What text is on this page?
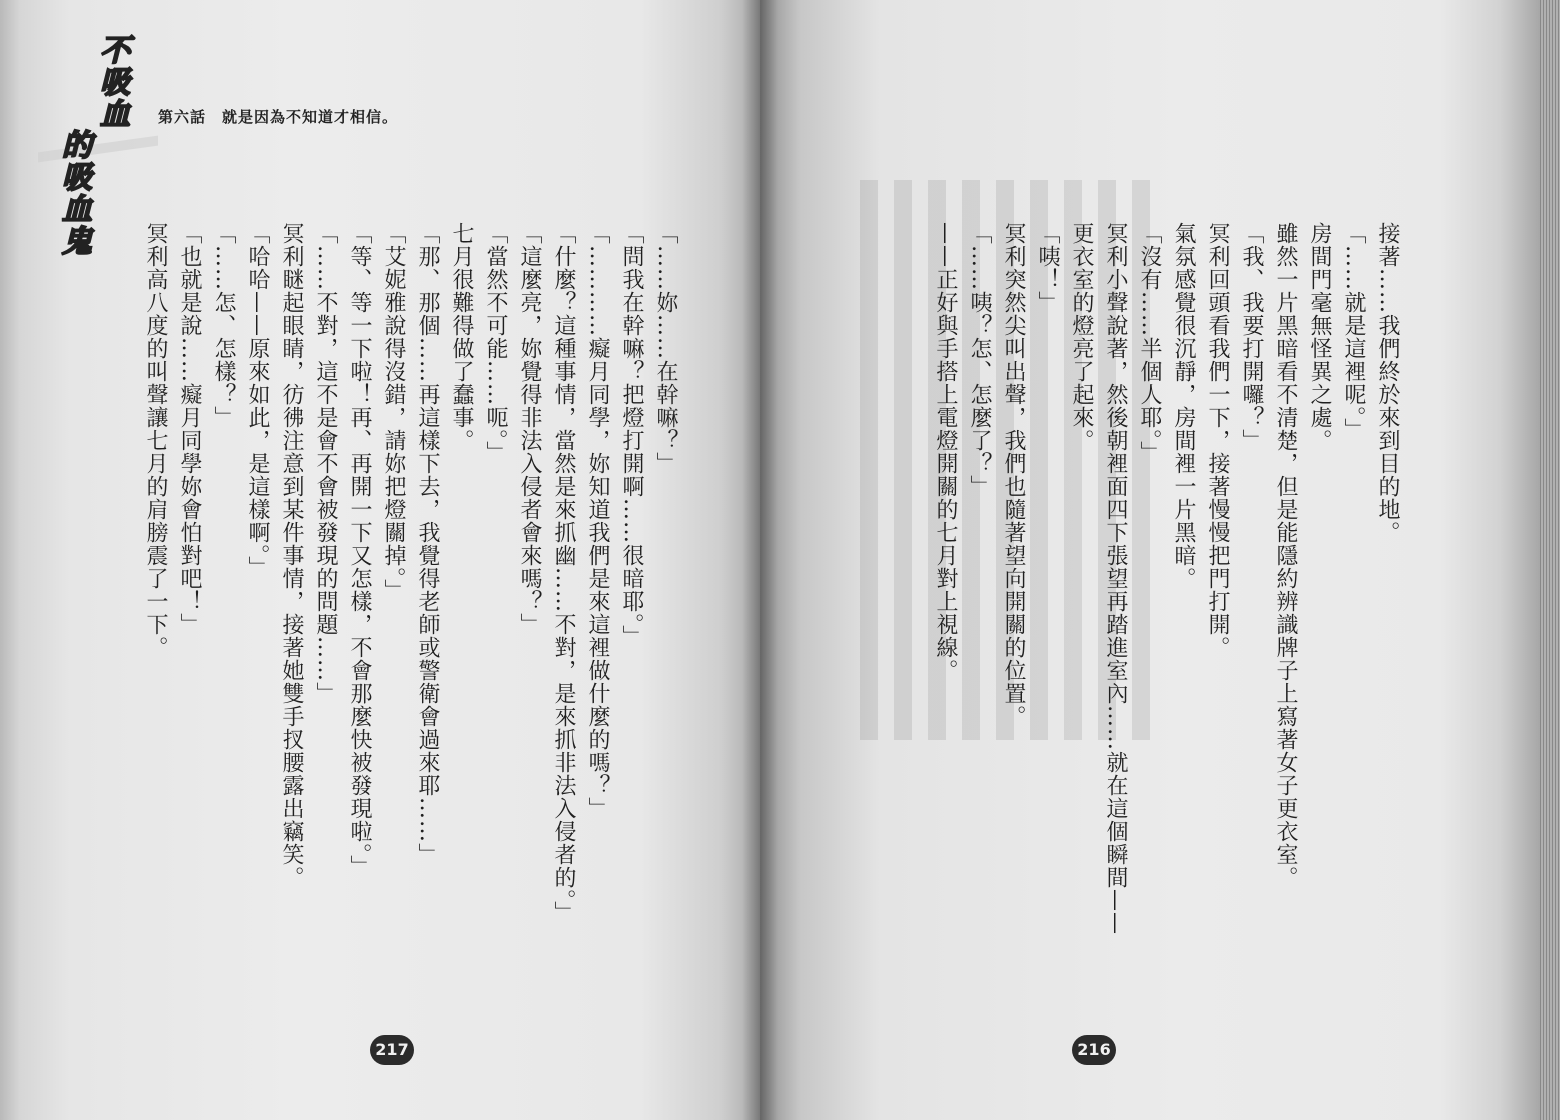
不吸血
的吸血鬼
第六話　就是因為不知道才相信。
「……妳……在幹嘛？」
「問我在幹嘛？把燈打開啊……很暗耶。」
「…………癡月同學，妳知道我們是來這裡做什麼的嗎？」
「什麼？這種事情，當然是來抓幽……不對，是來抓非法入侵者的。」
「這麼亮，妳覺得非法入侵者會來嗎？」
「當然不可能……呃。」
七月很難得做了蠢事。
「那、那個……再這樣下去，我覺得老師或警衛會過來耶……」
「艾妮雅說得沒錯，請妳把燈關掉。」
「等、等一下啦！再、再開一下又怎樣，不會那麼快被發現啦。」
「……不對，這不是會不會被發現的問題……」
冥利瞇起眼睛，彷彿注意到某件事情，接著她雙手扠腰露出竊笑。
「哈哈——原來如此，是這樣啊。」
「……怎、怎樣？」
「也就是說……癡月同學妳會怕對吧！」
冥利高八度的叫聲讓七月的肩膀震了一下。
217
接著……我們終於來到目的地。
「……就是這裡呢。」
房間門毫無怪異之處。
雖然一片黑暗看不清楚，但是能隱約辨識牌子上寫著女子更衣室。
「我、我要打開囉？」
冥利回頭看我們一下，接著慢慢把門打開。
氣氛感覺很沉靜，房間裡一片黑暗。
「沒有……半個人耶。」
冥利小聲說著，然後朝裡面四下張望再踏進室內……就在這個瞬間——
更衣室的燈亮了起來。
「咦！」
冥利突然尖叫出聲，我們也隨著望向開關的位置。
「……咦？怎、怎麼了？」
——正好與手搭上電燈開關的七月對上視線。
216
